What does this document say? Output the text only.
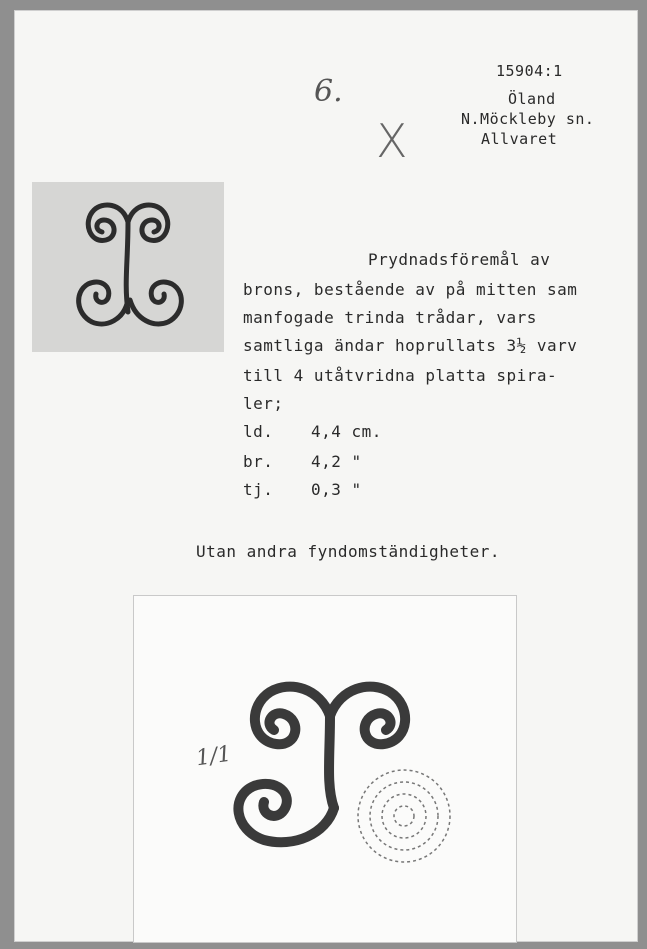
15904:1
Öland
N.Möckleby sn.
Allvaret
6.
X
Prydnadsföremål av
brons, bestående av på mitten sam
manfogade trinda trådar, vars
samtliga ändar hoprullats 3½ varv
till 4 utåtvridna platta spira-
ler;
ld. 4,4 cm.
br. 4,2 "
tj. 0,3 "
Utan andra fyndomständigheter.
1/1
